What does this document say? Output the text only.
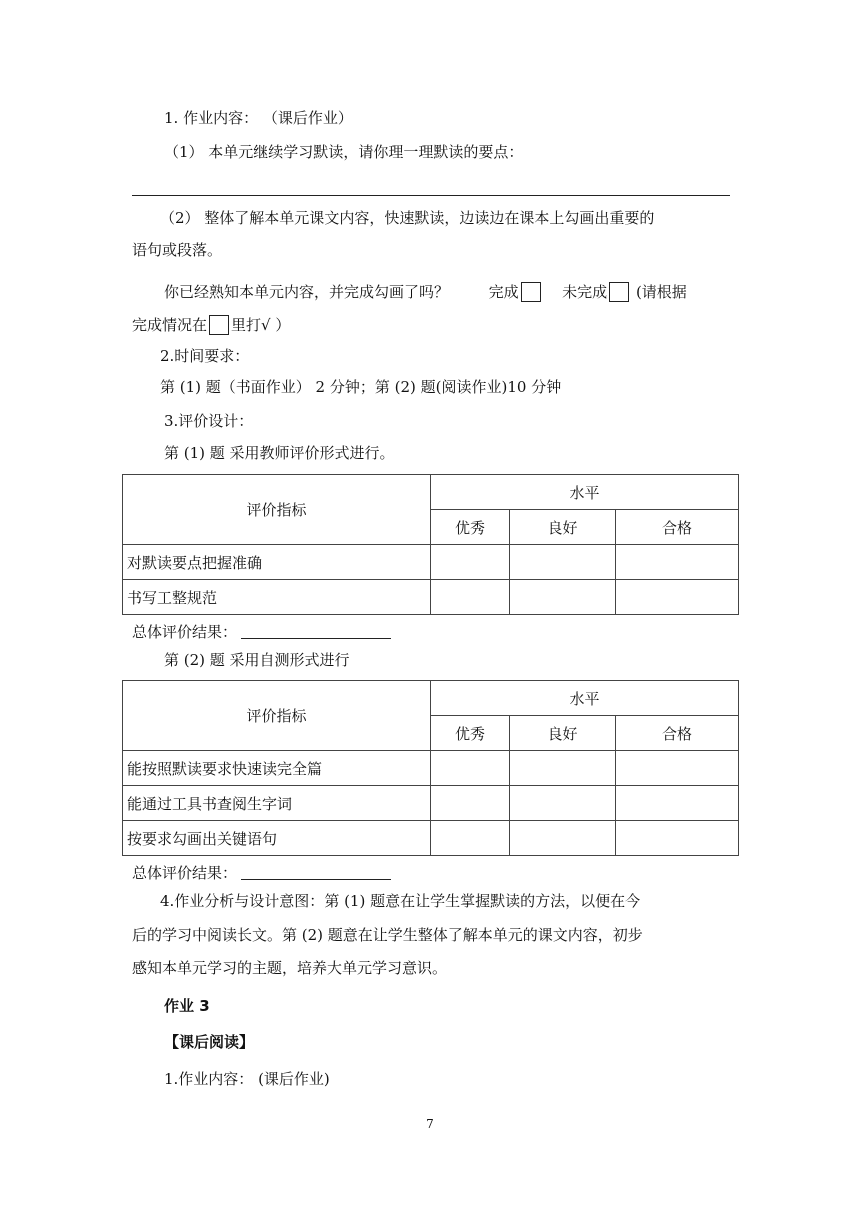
1. 作业内容： （课后作业）
（1） 本单元继续学习默读，请你理一理默读的要点：
（2） 整体了解本单元课文内容，快速默读，边读边在课本上勾画出重要的
语句或段落。
你已经熟知本单元内容，并完成勾画了吗？	完成	未完成 (请根据
完成情况在 里打√ ）
2.时间要求：
第 (1) 题（书面作业） 2 分钟；第 (2) 题(阅读作业)10 分钟
3.评价设计：
第 (1) 题 采用教师评价形式进行。
评价指标	水平		
	优秀	良好	合格
对默读要点把握准确			
书写工整规范			
总体评价结果：
第 (2) 题 采用自测形式进行
评价指标	水平		
	优秀	良好	合格
能按照默读要求快速读完全篇			
能通过工具书查阅生字词			
按要求勾画出关键语句			
总体评价结果：
4.作业分析与设计意图：第 (1) 题意在让学生掌握默读的方法，以便在今
后的学习中阅读长文。第 (2) 题意在让学生整体了解本单元的课文内容，初步
感知本单元学习的主题，培养大单元学习意识。
作业 3
【课后阅读】
1.作业内容： (课后作业)
7
